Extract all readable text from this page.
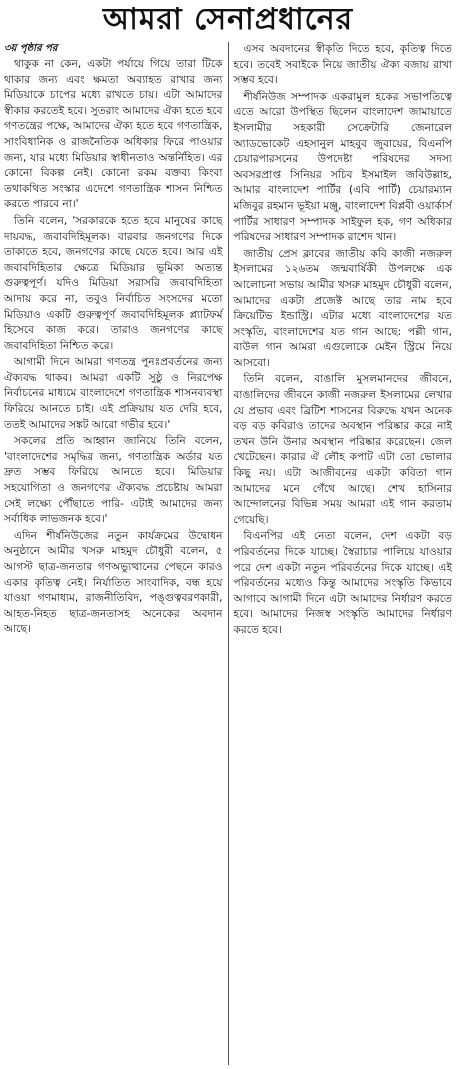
আমরা সেনাপ্রধানের
৩য় পৃষ্ঠার পর

থাকুক না কেন, একটা পর্যায়ে গিয়ে তারা টিকে থাকার জন্য এবং ক্ষমতা অব্যাহত রাখার জন্য মিডিয়াকে চাপের মধ্যে রাখতে চায়। এটা আমাদের স্বীকার করতেই হবে। সুতরাং আমাদের ঐক্য হতে হবে গণতন্ত্রের পক্ষে, আমাদের ঐক্য হতে হবে গণতান্ত্রিক, সাংবিধানিক ও রাজনৈতিক অধিকার ফিরে পাওয়ার জন্য, যার মধ্যে মিডিয়ার স্বাধীনতাও অন্তর্নিহিত। এর কোনো বিকল্প নেই। কোনো রকম বক্তব্য কিংবা তথাকথিত সংস্কার এদেশে গণতান্ত্রিক শাসন নিশ্চিত করতে পারবে না।'

তিনি বলেন, 'সরকারকে হতে হবে মানুষের কাছে দায়বদ্ধ, জবাবদিহিমূলক। বারবার জনগণের দিকে তাকাতে হবে, জনগণের কাছে যেতে হবে। আর এই জবাবদিহিতার ক্ষেত্রে মিডিয়ার ভূমিকা অত্যন্ত গুরুত্বপূর্ণ। যদিও মিডিয়া সরাসরি জবাবদিহিতা আদায় করে না, তবুও নির্বাচিত সংসদের মতো মিডিয়াও একটি গুরুত্বপূর্ণ জবাবদিহিমূলক প্ল্যাটফর্ম হিসেবে কাজ করে। তারাও জনগণের কাছে জবাবদিহিতা নিশ্চিত করে।

আগামী দিনে আমরা গণতন্ত্র পুনঃপ্রবর্তনের জন্য ঐক্যবদ্ধ থাকব। আমরা একটি সুষ্ঠু ও নিরপেক্ষ নির্বাচনের মাধ্যমে বাংলাদেশে গণতান্ত্রিক শাসনব্যবস্থা ফিরিয়ে আনতে চাই। এই প্রক্রিয়ায় যত দেরি হবে, ততই আমাদের সঙ্কট আরো গভীর হবে।'

সকলের প্রতি আহ্বান জানিয়ে তিনি বলেন, 'বাংলাদেশের সমৃদ্ধির জন্য, গণতান্ত্রিক অর্ডার যত দ্রুত সম্ভব ফিরিয়ে আনতে হবে। মিডিয়ার সহযোগিতা ও জনগণের ঐক্যবদ্ধ প্রচেষ্টায় আমরা সেই লক্ষ্যে পৌঁছাতে পারি- এটাই আমাদের জন্য সর্বাধিক লাভজনক হবে।'

এদিন শীর্ষনিউজের নতুন কার্যক্রমের উদ্বোধন অনুষ্ঠানে আমীর খসরু মাহমুদ চৌধুরী বলেন, ৫ আগস্ট ছাত্র-জনতার গণঅভ্যুত্থানের পেছনে কারও একার কৃতিত্ব নেই। নির্যাতিত সাংবাদিক, বন্ধ হয়ে যাওয়া গণমাধ্যম, রাজনীতিবিদ, পঙ্গুত্ববরণকারী, আহত-নিহত ছাত্র-জনতাসহ অনেকের অবদান আছে।

এসব অবদানের স্বীকৃতি দিতে হবে, কৃতিত্ব দিতে হবে। তবেই সবাইকে নিয়ে জাতীয় ঐক্য বজায় রাখা সম্ভব হবে।

শীর্ষনিউজ সম্পাদক একরামুল হকের সভাপতিত্বে এতে আরো উপস্থিত ছিলেন বাংলাদেশ জামায়াতে ইসলামীর সহকারী সেক্রেটারি জেনারেল অ্যাডভোকেট এহসানুল মাহবুব জুবায়ের, বিএনপি চেয়ারপারসনের উপদেষ্টা পরিষদের সদস্য অবসরপ্রাপ্ত সিনিয়র সচিব ইসমাইল জবিউল্লাহ, আমার বাংলাদেশ পার্টির (এবি পার্টি) চেয়ারম্যান মজিবুর রহমান ভূইয়া মঞ্জু, বাংলাদেশ বিপ্লবী ওয়ার্কার্স পার্টির সাধারণ সম্পাদক সাইফুল হক, গণ অধিকার পরিষদের সাধারণ সম্পাদক রাশেদ খান।

জাতীয় প্রেস ক্লাবের জাতীয় কবি কাজী নজরুল ইসলামের ১২৬তম জন্মবার্ষিকী উপলক্ষে এক আলোচনা সভায় আমীর খসরু মাহমুদ চৌধুরী বলেন, আমাদের একটা প্রজেক্ট আছে তার নাম হবে ক্রিয়েটিভ ইন্ডাস্ট্রি। এটার মধ্যে বাংলাদেশের যত সংস্কৃতি, বাংলাদেশের যত গান আছে: পল্লী গান, বাউল গান আমরা এগুলোকে মেইন স্ট্রিমে নিয়ে আসবো।

তিনি বলেন, বাঙালি মুসলমানদের জীবনে, বাঙালিদের জীবনে কাজী নজরুল ইসলামের লেখার যে প্রভাব এবং ব্রিটিশ শাসনের বিরুদ্ধে যখন অনেক বড় বড় কবিরাও তাদের অবস্থান পরিষ্কার করে নাই তখন উনি উনার অবস্থান পরিষ্কার করেছেন। জেল খেটেছেন। কারার ঐ লৌহ কপাট এটা তো ভোলার কিছু নয়। এটা আজীবনের একটা কবিতা গান আমাদের মনে গেঁথে আছে। শেখ হাসিনার আন্দোলনের বিভিন্ন সময় আমরা এই গান করতাম গেয়েছি।

বিএনপির এই নেতা বলেন, দেশ একটা বড় পরিবর্তনের দিকে যাচ্ছে। স্বৈরাচার পালিয়ে যাওয়ার পরে দেশ একটা নতুন পরিবর্তনের দিকে যাচ্ছে। এই পরিবর্তনের মধ্যেও কিন্তু আমাদের সংস্কৃতি কিভাবে আগাবে আগামী দিনে এটা আমাদের নির্ধারণ করতে হবে। আমাদের নিজস্ব সংস্কৃতি আমাদের নির্ধারণ করতে হবে।
